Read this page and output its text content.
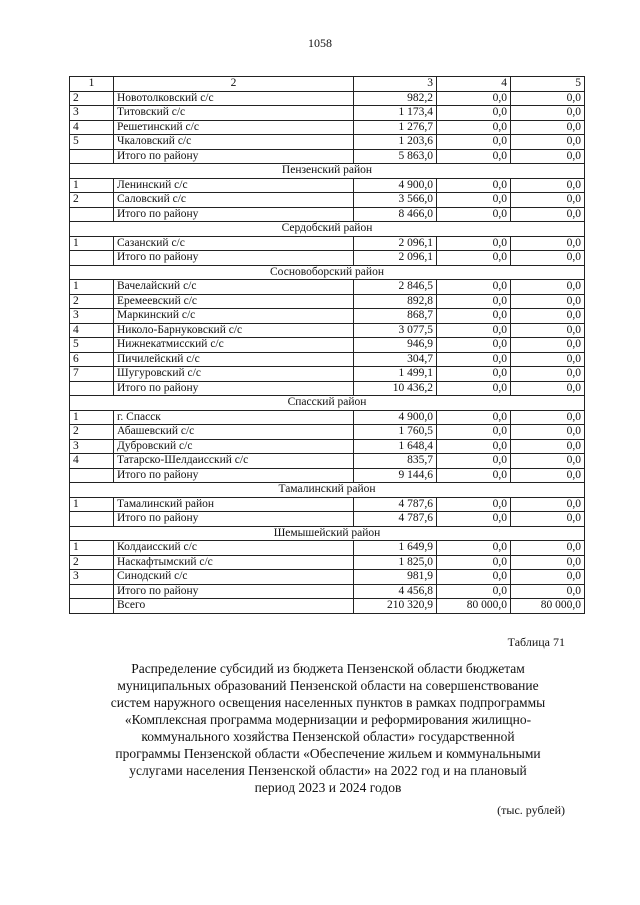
1058
1	2	3	4	5
2	Новотолковский с/с	982,2	0,0	0,0
3	Титовский с/с	1 173,4	0,0	0,0
4	Решетинский с/с	1 276,7	0,0	0,0
5	Чкаловский с/с	1 203,6	0,0	0,0
	Итого по району	5 863,0	0,0	0,0
Пензенский район				
1	Ленинский с/с	4 900,0	0,0	0,0
2	Саловский с/с	3 566,0	0,0	0,0
	Итого по району	8 466,0	0,0	0,0
Сердобский район				
1	Сазанский с/с	2 096,1	0,0	0,0
	Итого по району	2 096,1	0,0	0,0
Сосновоборский район				
1	Вачелайский с/с	2 846,5	0,0	0,0
2	Еремеевский с/с	892,8	0,0	0,0
3	Маркинский с/с	868,7	0,0	0,0
4	Николо-Барнуковский с/с	3 077,5	0,0	0,0
5	Нижнекатмисский с/с	946,9	0,0	0,0
6	Пичилейский с/с	304,7	0,0	0,0
7	Шугуровский с/с	1 499,1	0,0	0,0
	Итого по району	10 436,2	0,0	0,0
Спасский район				
1	г. Спасск	4 900,0	0,0	0,0
2	Абашевский с/с	1 760,5	0,0	0,0
3	Дубровский с/с	1 648,4	0,0	0,0
4	Татарско-Шелдаисский с/с	835,7	0,0	0,0
	Итого по району	9 144,6	0,0	0,0
Тамалинский район				
1	Тамалинский район	4 787,6	0,0	0,0
	Итого по району	4 787,6	0,0	0,0
Шемышейский район				
1	Колдаисский с/с	1 649,9	0,0	0,0
2	Наскафтымский с/с	1 825,0	0,0	0,0
3	Синодский с/с	981,9	0,0	0,0
	Итого по району	4 456,8	0,0	0,0
	Всего	210 320,9	80 000,0	80 000,0
Таблица 71
Распределение субсидий из бюджета Пензенской области бюджетам
муниципальных образований Пензенской области на совершенствование
систем наружного освещения населенных пунктов в рамках подпрограммы
«Комплексная программа модернизации и реформирования жилищно-
коммунального хозяйства Пензенской области» государственной
программы Пензенской области «Обеспечение жильем и коммунальными
услугами населения Пензенской области» на 2022 год и на плановый
период 2023 и 2024 годов
(тыс. рублей)
